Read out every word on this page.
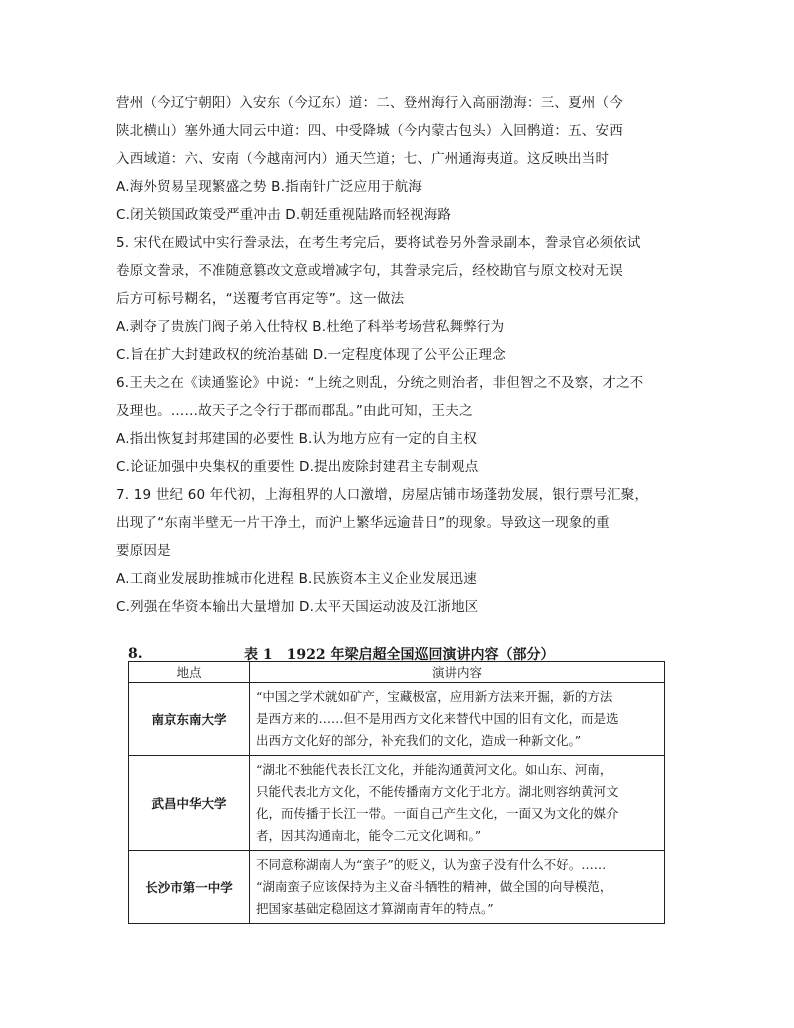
营州（今辽宁朝阳）入安东（今辽东）道：二、登州海行入高丽渤海：三、夏州（今
陕北横山）塞外通大同云中道：四、中受降城（今内蒙古包头）入回鹘道：五、安西
入西域道：六、安南（今越南河内）通天竺道；七、广州通海夷道。这反映出当时
A.海外贸易呈现繁盛之势 B.指南针广泛应用于航海
C.闭关锁国政策受严重冲击 D.朝廷重视陆路而轻视海路
5. 宋代在殿试中实行誊录法，在考生考完后，要将试卷另外誊录副本，誊录官必须依试
卷原文誊录，不准随意篡改文意或增减字句，其誊录完后，经校勘官与原文校对无误
后方可标号糊名，“送覆考官再定等”。这一做法
A.剥夺了贵族门阀子弟入仕特权 B.杜绝了科举考场营私舞弊行为
C.旨在扩大封建政权的统治基础 D.一定程度体现了公平公正理念
6.王夫之在《读通鉴论》中说：“上统之则乱，分统之则治者，非但智之不及察，才之不
及理也。……故天子之令行于郡而郡乱。”由此可知，王夫之
A.指出恢复封邦建国的必要性 B.认为地方应有一定的自主权
C.论证加强中央集权的重要性 D.提出废除封建君主专制观点
7. 19 世纪 60 年代初，上海租界的人口激增，房屋店铺市场蓬勃发展，银行票号汇聚，
出现了“东南半壁无一片干净土，而沪上繁华远逾昔日”的现象。导致这一现象的重
要原因是
A.工商业发展助推城市化进程 B.民族资本主义企业发展迅速
C.列强在华资本输出大量增加 D.太平天国运动波及江浙地区
8.	表 1　1922 年梁启超全国巡回演讲内容（部分）
地点	演讲内容
南京东南大学	“中国之学术就如矿产，宝藏极富，应用新方法来开掘，新的方法
是西方来的……但不是用西方文化来替代中国的旧有文化，而是选
出西方文化好的部分，补充我们的文化，造成一种新文化。”

武昌中华大学	“湖北不独能代表长江文化，并能沟通黄河文化。如山东、河南，
只能代表北方文化，不能传播南方文化于北方。湖北则容纳黄河文
化，而传播于长江一带。一面自己产生文化，一面又为文化的媒介
者，因其沟通南北，能令二元文化调和。”

长沙市第一中学	不同意称湖南人为“蛮子”的贬义，认为蛮子没有什么不好。……
“湖南蛮子应该保持为主义奋斗牺牲的精神，做全国的向导模范，
把国家基础定稳固这才算湖南青年的特点。”
